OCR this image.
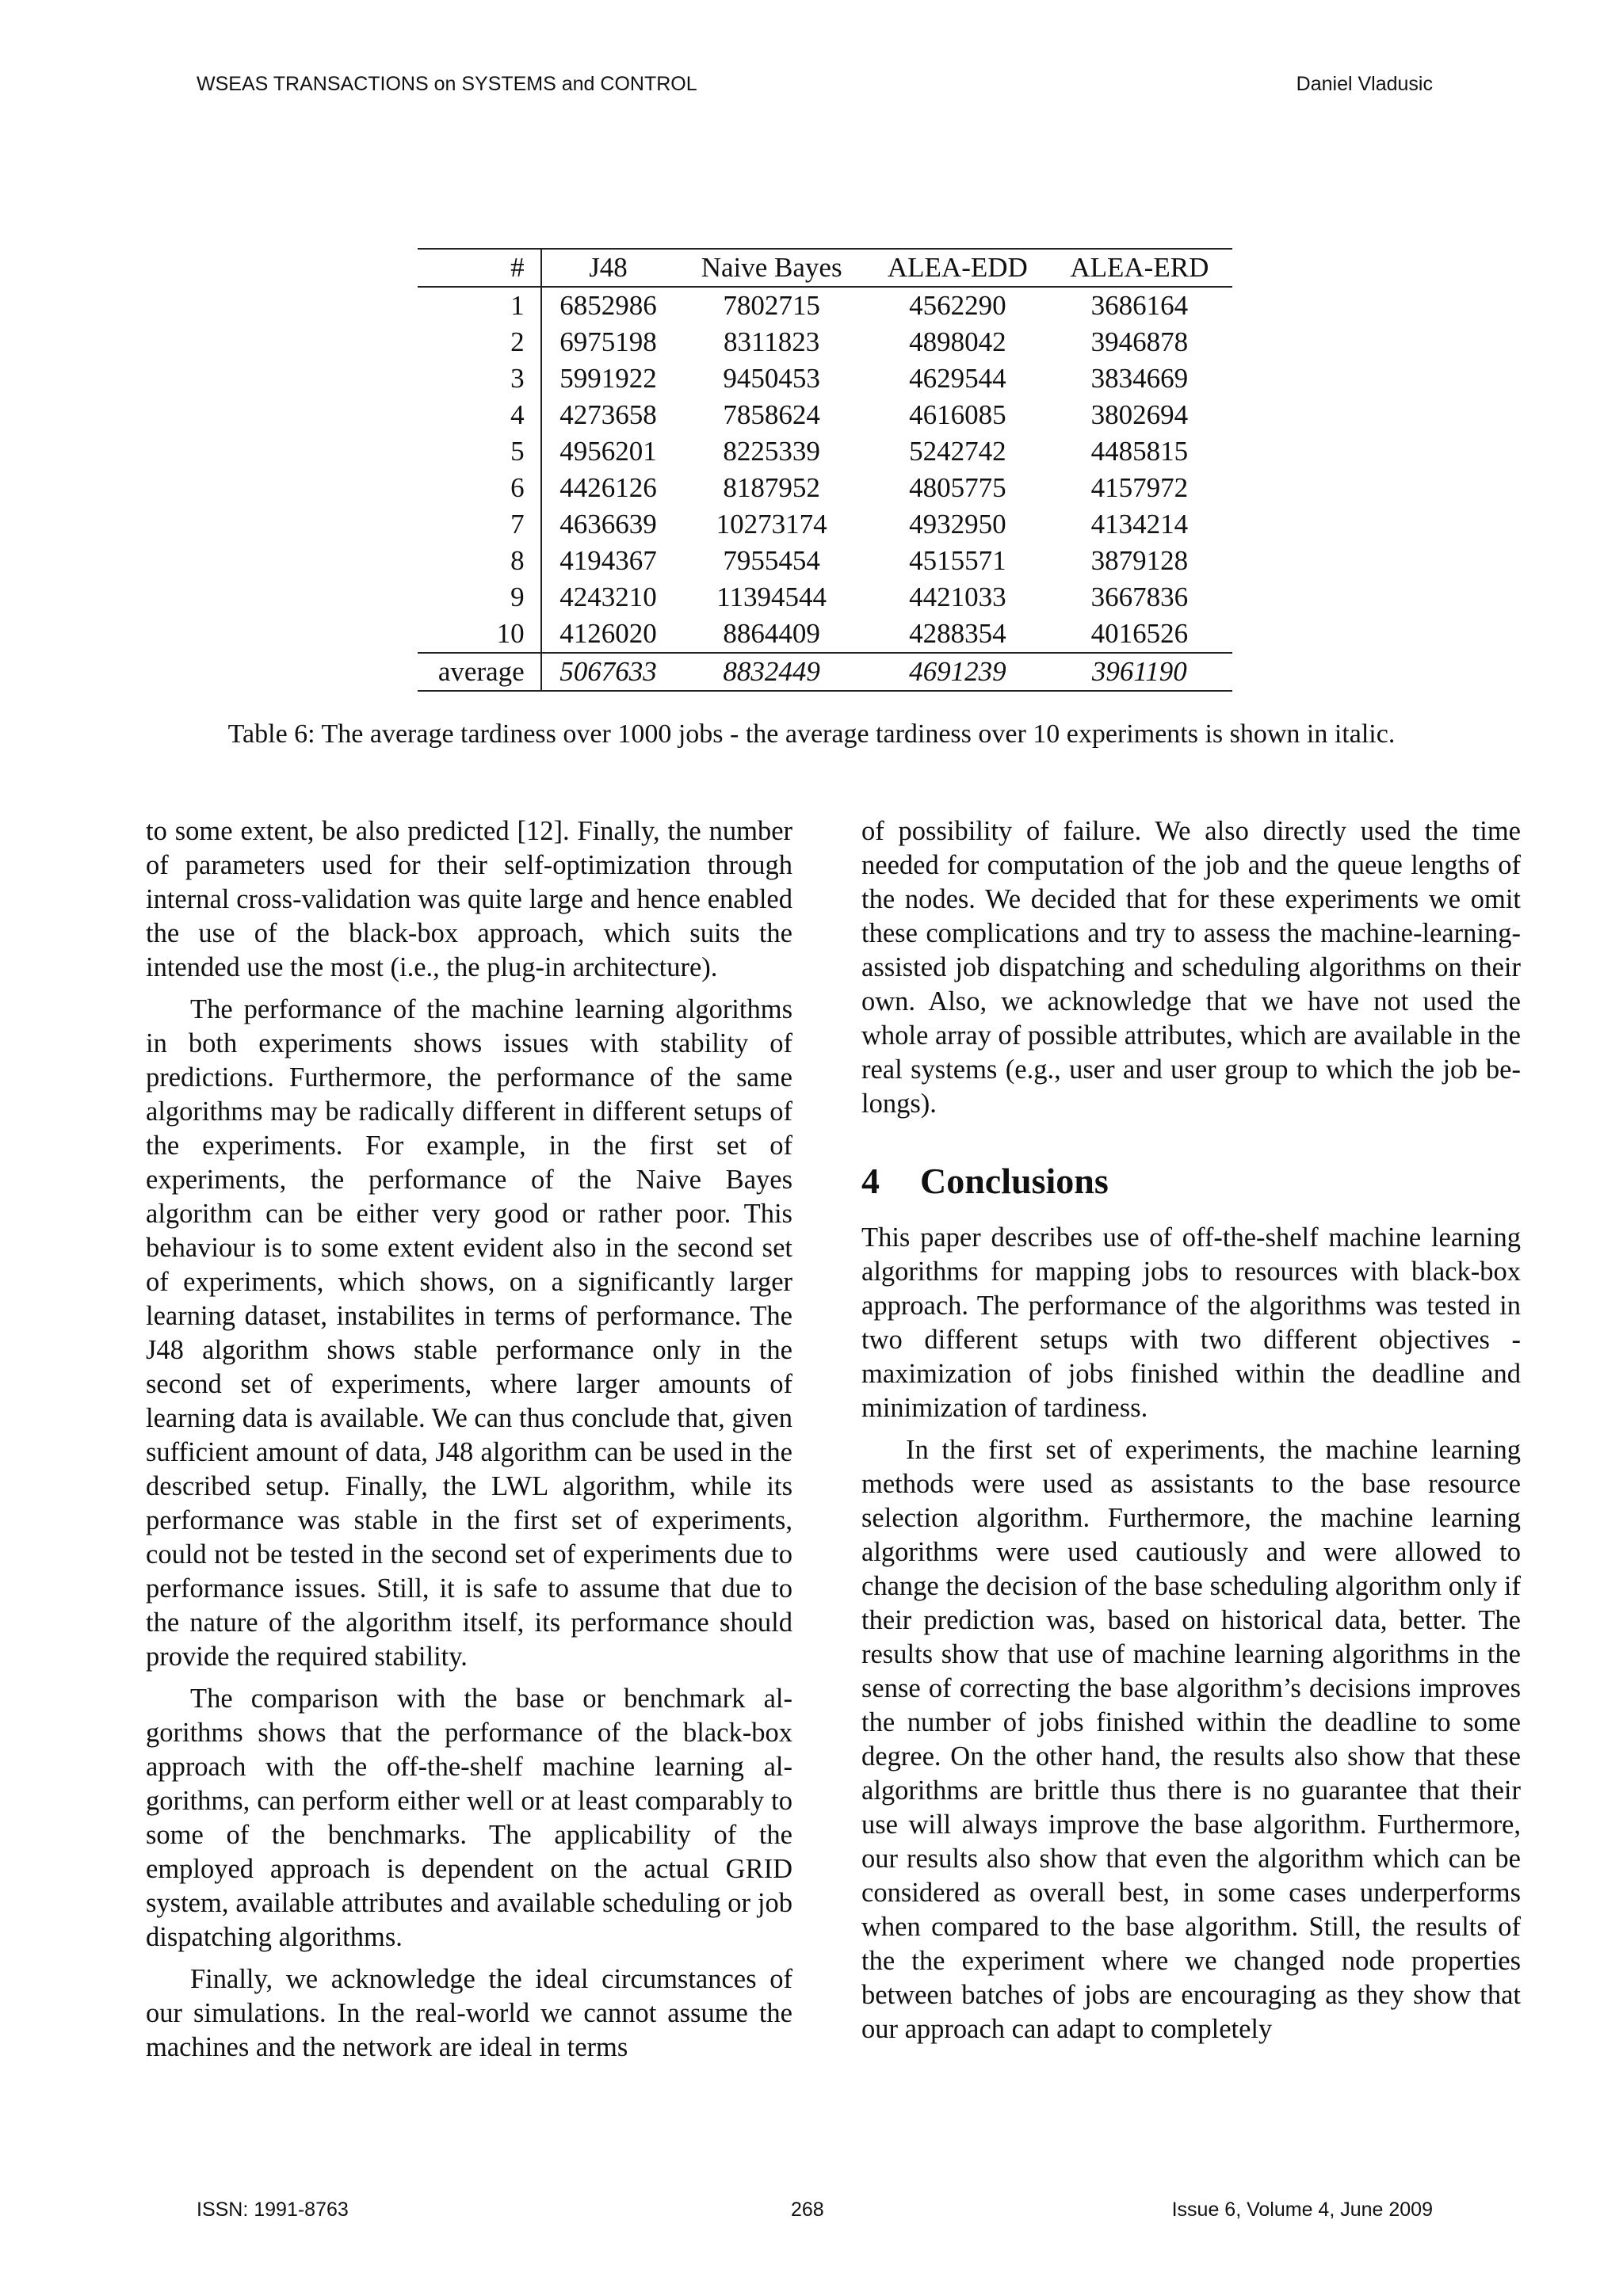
WSEAS TRANSACTIONS on SYSTEMS and CONTROL	Daniel Vladusic
#	J48	Naive Bayes	ALEA-EDD	ALEA-ERD
1	6852986	7802715	4562290	3686164
2	6975198	8311823	4898042	3946878
3	5991922	9450453	4629544	3834669
4	4273658	7858624	4616085	3802694
5	4956201	8225339	5242742	4485815
6	4426126	8187952	4805775	4157972
7	4636639	10273174	4932950	4134214
8	4194367	7955454	4515571	3879128
9	4243210	11394544	4421033	3667836
10	4126020	8864409	4288354	4016526
average	5067633	8832449	4691239	3961190
Table 6: The average tardiness over 1000 jobs - the average tardiness over 10 experiments is shown in italic.

to some extent, be also predicted [12]. Finally, the number of parameters used for their self-optimization through internal cross-validation was quite large and hence enabled the use of the black-box approach, which suits the intended use the most (i.e., the plug-in architecture).

The performance of the machine learning algorithms in both experiments shows issues with stability of predictions. Furthermore, the performance of the same algorithms may be radically different in different setups of the experiments. For example, in the first set of experiments, the performance of the Naive Bayes algorithm can be either very good or rather poor. This behaviour is to some extent evident also in the second set of experiments, which shows, on a significantly larger learning dataset, instabilites in terms of performance. The J48 algorithm shows stable performance only in the second set of experiments, where larger amounts of learning data is available. We can thus conclude that, given sufficient amount of data, J48 algorithm can be used in the described setup. Finally, the LWL algorithm, while its performance was stable in the first set of experiments, could not be tested in the second set of experiments due to performance issues. Still, it is safe to assume that due to the nature of the algorithm itself, its performance should provide the required stability.

The comparison with the base or benchmark algorithms shows that the performance of the black-box approach with the off-the-shelf machine learning algorithms, can perform either well or at least comparably to some of the benchmarks. The applicability of the employed approach is dependent on the actual GRID system, available attributes and available scheduling or job dispatching algorithms.

Finally, we acknowledge the ideal circumstances of our simulations. In the real-world we cannot assume the machines and the network are ideal in terms

of possibility of failure. We also directly used the time needed for computation of the job and the queue lengths of the nodes. We decided that for these experiments we omit these complications and try to assess the machine-learning-assisted job dispatching and scheduling algorithms on their own. Also, we acknowledge that we have not used the whole array of possible attributes, which are available in the real systems (e.g., user and user group to which the job belongs).

4 Conclusions

This paper describes use of off-the-shelf machine learning algorithms for mapping jobs to resources with black-box approach. The performance of the algorithms was tested in two different setups with two different objectives - maximization of jobs finished within the deadline and minimization of tardiness.

In the first set of experiments, the machine learning methods were used as assistants to the base resource selection algorithm. Furthermore, the machine learning algorithms were used cautiously and were allowed to change the decision of the base scheduling algorithm only if their prediction was, based on historical data, better. The results show that use of machine learning algorithms in the sense of correcting the base algorithm’s decisions improves the number of jobs finished within the deadline to some degree. On the other hand, the results also show that these algorithms are brittle thus there is no guarantee that their use will always improve the base algorithm. Furthermore, our results also show that even the algorithm which can be considered as overall best, in some cases underperforms when compared to the base algorithm. Still, the results of the the experiment where we changed node properties between batches of jobs are encouraging as they show that our approach can adapt to completely

ISSN: 1991-8763	268	Issue 6, Volume 4, June 2009
